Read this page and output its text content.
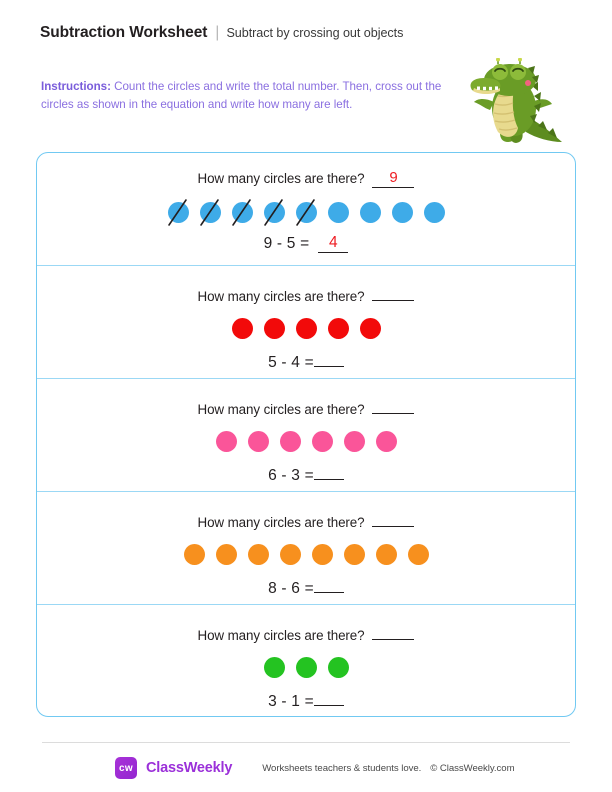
Subtraction Worksheet | Subtract by crossing out objects
Instructions: Count the circles and write the total number. Then, cross out the circles as shown in the equation and write how many are left.
How many circles are there?	9
9 - 5 =	4
How many circles are there?
5 - 4 =
How many circles are there?
6 - 3 =
How many circles are there?
8 - 6 =
How many circles are there?
3 - 1 =
cw ClassWeekly	Worksheets teachers & students love. © ClassWeekly.com
